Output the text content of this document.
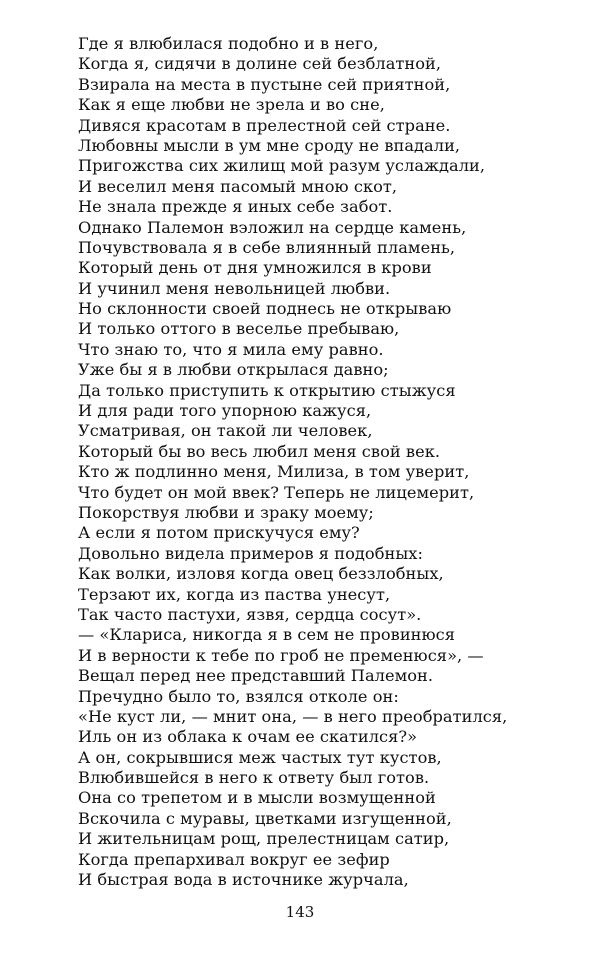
Где я влюбилася подобно и в него,
Когда я, сидячи в долине сей безблатной,
Взирала на места в пустыне сей приятной,
Как я еще любви не зрела и во сне,
Дивяся красотам в прелестной сей стране.
Любовны мысли в ум мне сроду не впадали,
Пригожства сих жилищ мой разум услаждали,
И веселил меня пасомый мною скот,
Не знала прежде я иных себе забот.
Однако Палемон вэложил на сердце камень,
Почувствовала я в себе влиянный пламень,
Который день от дня умножился в крови
И учинил меня невольницей любви.
Но склонности своей поднесь не открываю
И только оттого в веселье пребываю,
Что знаю то, что я мила ему равно.
Уже бы я в любви открылася давно;
Да только приступить к открытию стыжуся
И для ради того упорною кажуся,
Усматривая, он такой ли человек,
Который бы во весь любил меня свой век.
Кто ж подлинно меня, Милиза, в том уверит,
Что будет он мой ввек? Теперь не лицемерит,
Покорствуя любви и зраку моему;
А если я потом прискучуся ему?
Довольно видела примеров я подобных:
Как волки, изловя когда овец беззлобных,
Терзают их, когда из паства унесут,
Так часто пастухи, язвя, сердца сосут».
— «Клариса, никогда я в сем не провинюся
И в верности к тебе по гроб не пременюся», —
Вещал перед нее представший Палемон.
Пречудно было то, взялся отколе он:
«Не куст ли, — мнит она, — в него преобратился,
Иль он из облака к очам ее скатился?»
А он, сокрывшися меж частых тут кустов,
Влюбившейся в него к ответу был готов.
Она со трепетом и в мысли возмущенной
Вскочила с муравы, цветками изгущенной,
И жительницам рощ, прелестницам сатир,
Когда препархивал вокруг ее зефир
И быстрая вода в источнике журчала,
143
